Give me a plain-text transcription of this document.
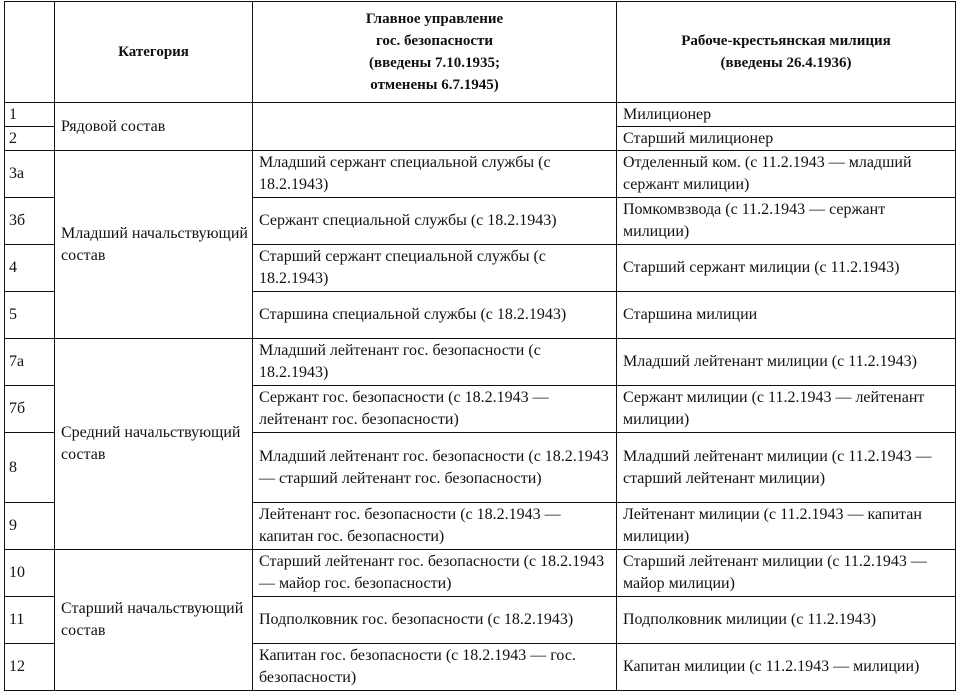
	Категория	Главное управление
гос. безопасности
(введены 7.10.1935;
отменены 6.7.1945)	Рабоче-крестьянская милиция
(введены 26.4.1936)

1	Рядовой состав		Милиционер
2			Старший милиционер
3а	Младший начальствующий состав	Младший сержант специальной службы (с 18.2.1943)	Отделенный ком. (с 11.2.1943 — младший сержант милиции)
3б		Сержант специальной службы (с 18.2.1943)	Помкомвзвода (с 11.2.1943 — сержант милиции)
4		Старший сержант специальной службы (с 18.2.1943)	Старший сержант милиции (с 11.2.1943)
5		Старшина специальной службы (с 18.2.1943)	Старшина милиции
7а	Средний начальствующий состав	Младший лейтенант гос. безопасности (с 18.2.1943)	Младший лейтенант милиции (с 11.2.1943)
7б		Сержант гос. безопасности (с 18.2.1943 — лейтенант гос. безопасности)	Сержант милиции (с 11.2.1943 — лейтенант милиции)
8		Младший лейтенант гос. безопасности (с 18.2.1943 — старший лейтенант гос. безопасности)	Младший лейтенант милиции (с 11.2.1943 — старший лейтенант милиции)
9		Лейтенант гос. безопасности (с 18.2.1943 — капитан гос. безопасности)	Лейтенант милиции (с 11.2.1943 — капитан милиции)
10	Старший начальствующий состав	Старший лейтенант гос. безопасности (с 18.2.1943 — майор гос. безопасности)	Старший лейтенант милиции (с 11.2.1943 — майор милиции)
11		Подполковник гос. безопасности (с 18.2.1943)	Подполковник милиции (с 11.2.1943)
12		Капитан гос. безопасности (с 18.2.1943 — гос. безопасности)	Капитан милиции (с 11.2.1943 — милиции)
